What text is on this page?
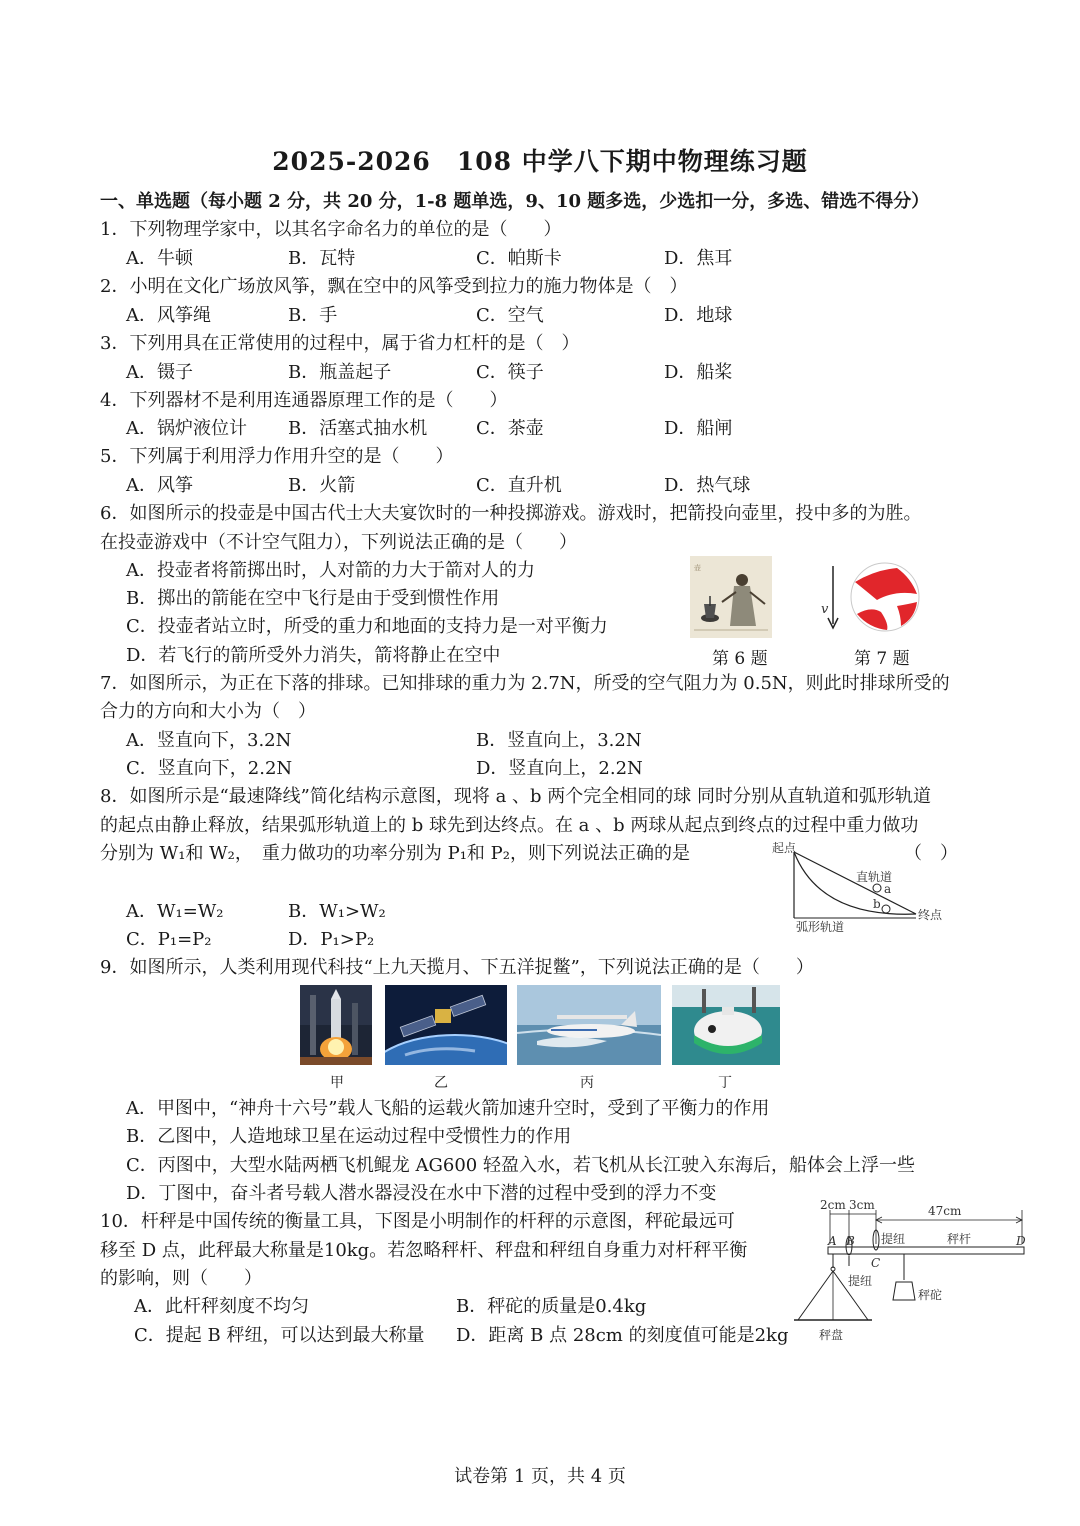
2025-2026　108 中学八下期中物理练习题
一、单选题（每小题 2 分，共 20 分，1-8 题单选，9、10 题多选，少选扣一分，多选、错选不得分）
1．下列物理学家中，以其名字命名力的单位的是（　　）
A．牛顿	B．瓦特	C．帕斯卡	D．焦耳
2．小明在文化广场放风筝，飘在空中的风筝受到拉力的施力物体是（　）
A．风筝绳	B．手	C．空气	D．地球
3．下列用具在正常使用的过程中，属于省力杠杆的是（　）
A．镊子	B．瓶盖起子	C．筷子	D．船桨
4．下列器材不是利用连通器原理工作的是（　　）
A．锅炉液位计 B．活塞式抽水机	C．茶壶	D．船闸
5．下列属于利用浮力作用升空的是（　　）
A．风筝	B．火箭	C．直升机	D．热气球
6．如图所示的投壶是中国古代士大夫宴饮时的一种投掷游戏。游戏时，把箭投向壶里，投中多的为胜。
在投壶游戏中（不计空气阻力），下列说法正确的是（　　）
A．投壶者将箭掷出时，人对箭的力大于箭对人的力
B．掷出的箭能在空中飞行是由于受到惯性作用
C．投壶者站立时，所受的重力和地面的支持力是一对平衡力
D．若飞行的箭所受外力消失，箭将静止在空中
壶
第 6 题
v
第 7 题
7．如图所示，为正在下落的排球。已知排球的重力为 2.7N，所受的空气阻力为 0.5N，则此时排球所受的
合力的方向和大小为（　）
A．竖直向下，3.2N	B．竖直向上，3.2N
C．竖直向下，2.2N	D．竖直向上，2.2N
8．如图所示是“最速降线”简化结构示意图，现将 a 、b 两个完全相同的球 同时分别从直轨道和弧形轨道
的起点由静止释放，结果弧形轨道上的 b 球先到达终点。在 a 、b 两球从起点到终点的过程中重力做功
分别为 W₁和 W₂，　重力做功的功率分别为 P₁和 P₂，则下列说法正确的是	（　）
A．W₁=W₂	B．W₁>W₂
C．P₁=P₂	D．P₁>P₂
起点
直轨道
a
b
终点
弧形轨道
9．如图所示，人类利用现代科技“上九天揽月、下五洋捉鳖”，下列说法正确的是（　　）
甲	乙	丙	丁
A．甲图中，“神舟十六号”载人飞船的运载火箭加速升空时，受到了平衡力的作用
B．乙图中，人造地球卫星在运动过程中受惯性力的作用
C．丙图中，大型水陆两栖飞机鲲龙 AG600 轻盈入水，若飞机从长江驶入东海后，船体会上浮一些
D．丁图中，奋斗者号载人潜水器浸没在水中下潜的过程中受到的浮力不变
10．杆秤是中国传统的衡量工具，下图是小明制作的杆秤的示意图，秤砣最远可
移至 D 点，此秤最大称量是10kg。若忽略秤杆、秤盘和秤纽自身重力对杆秤平衡
的影响，则（　　）
A．此杆秤刻度不均匀	B．秤砣的质量是0.4kg
C．提起 B 秤纽，可以达到最大称量 D．距离 B 点 28cm 的刻度值可能是2kg
2cm 3cm	47cm
A B
C
D
提纽	秤杆
提纽
秤砣
秤盘
试卷第 1 页，共 4 页
